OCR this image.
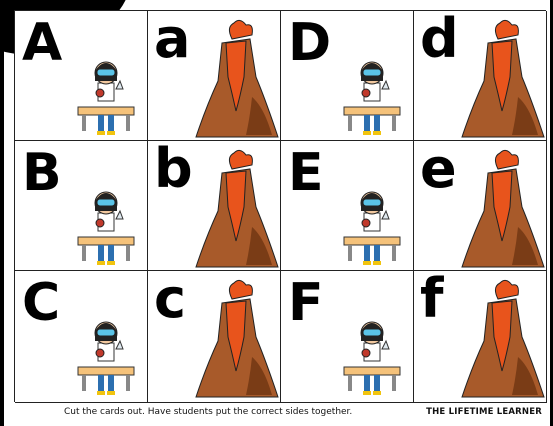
A a D d
B b E e
C c F f
Cut the cards out. Have students put the correct sides together.	THE LIFETIME LEARNER
